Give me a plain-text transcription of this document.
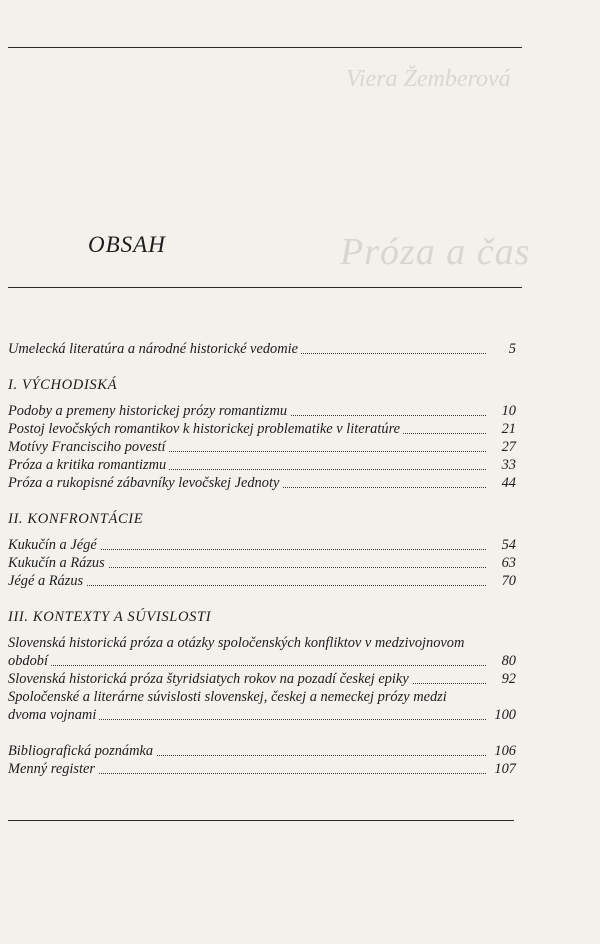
Viera Žemberová
Próza a čas
OBSAH
Umelecká literatúra a národné historické vedomie	5
I. VÝCHODISKÁ
Podoby a premeny historickej prózy romantizmu	10
Postoj levočských romantikov k historickej problematike v literatúre	21
Motívy Francisciho povestí	27
Próza a kritika romantizmu	33
Próza a rukopisné zábavníky levočskej Jednoty	44
II. KONFRONTÁCIE
Kukučín a Jégé	54
Kukučín a Rázus	63
Jégé a Rázus	70
III. KONTEXTY A SÚVISLOSTI
Slovenská historická próza a otázky spoločenských konfliktov v medzivojnovom
období	80
Slovenská historická próza štyridsiatych rokov na pozadí českej epiky	92
Spoločenské a literárne súvislosti slovenskej, českej a nemeckej prózy medzi
dvoma vojnami	100
Bibliografická poznámka	106
Menný register	107
